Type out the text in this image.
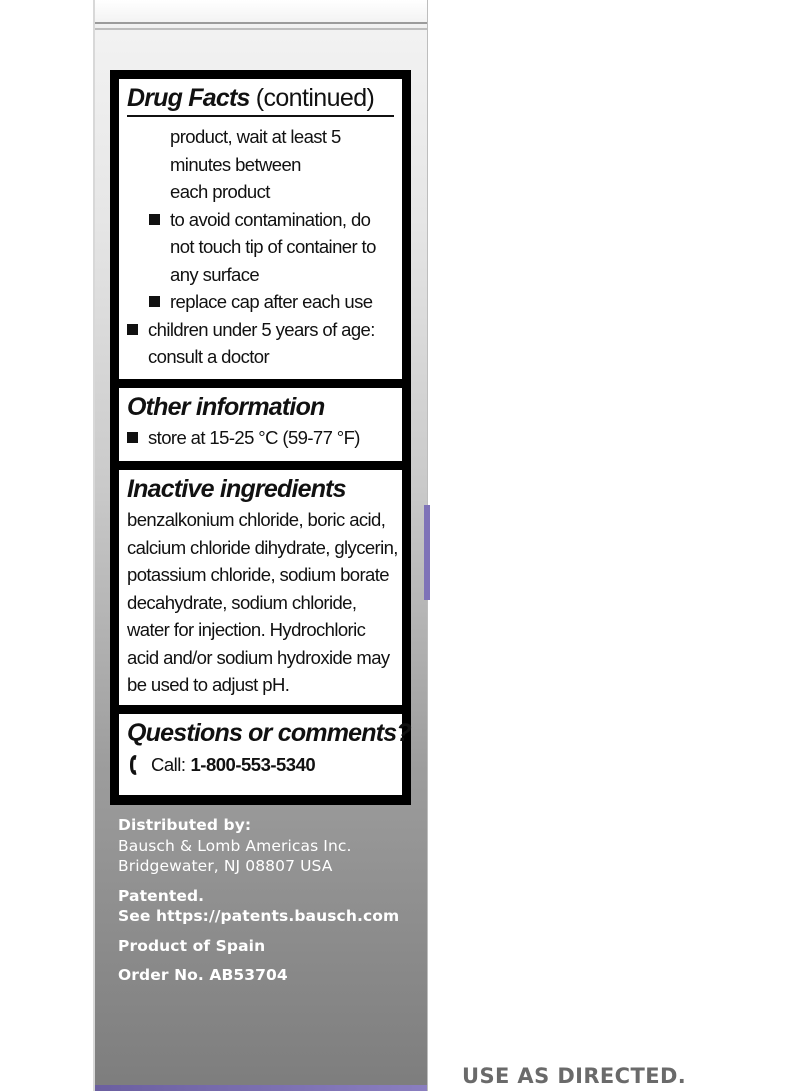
Drug Facts (continued)
product, wait at least 5
minutes between
each product
to avoid contamination, do
not touch tip of container to
any surface
replace cap after each use
children under 5 years of age:
consult a doctor
Other information
store at 15-25 °C (59-77 °F)
Inactive ingredients
benzalkonium chloride, boric acid,
calcium chloride dihydrate, glycerin,
potassium chloride, sodium borate
decahydrate, sodium chloride,
water for injection. Hydrochloric
acid and/or sodium hydroxide may
be used to adjust pH.
Questions or comments?
Call: 1-800-553-5340
Distributed by:
Bausch & Lomb Americas Inc.
Bridgewater, NJ 08807 USA
Patented.
See https://patents.bausch.com
Product of Spain
Order No. AB53704
USE AS DIRECTED.
